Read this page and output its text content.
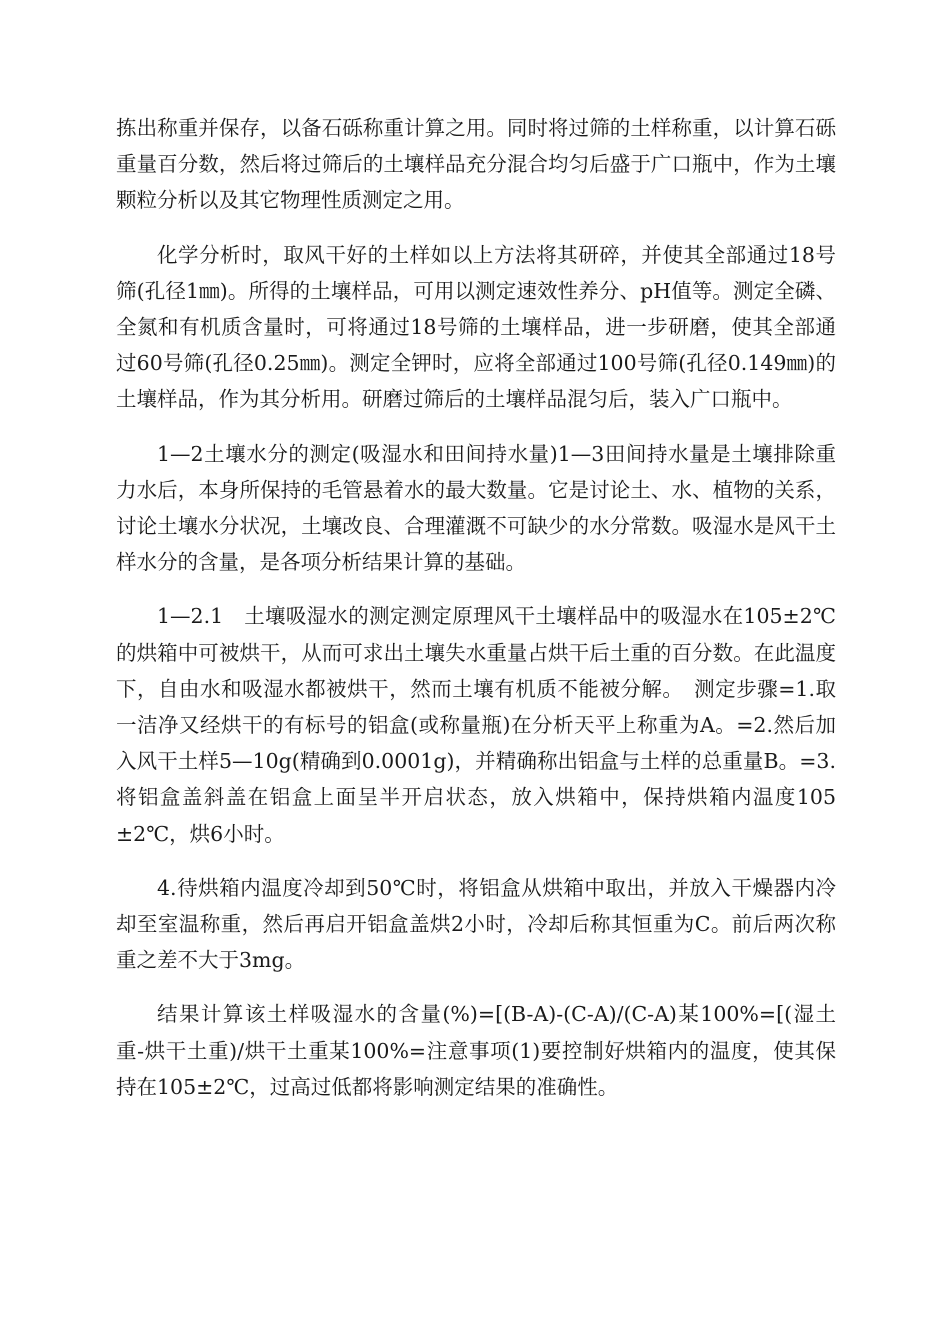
拣出称重并保存，以备石砾称重计算之用。同时将过筛的土样称重，以计算石砾重量百分数，然后将过筛后的土壤样品充分混合均匀后盛于广口瓶中，作为土壤颗粒分析以及其它物理性质测定之用。

化学分析时，取风干好的土样如以上方法将其研碎，并使其全部通过18号筛(孔径1㎜)。所得的土壤样品，可用以测定速效性养分、pH值等。测定全磷、全氮和有机质含量时，可将通过18号筛的土壤样品，进一步研磨，使其全部通过60号筛(孔径0.25㎜)。测定全钾时，应将全部通过100号筛(孔径0.149㎜)的土壤样品，作为其分析用。研磨过筛后的土壤样品混匀后，装入广口瓶中。

1—2土壤水分的测定(吸湿水和田间持水量)1—3田间持水量是土壤排除重力水后，本身所保持的毛管悬着水的最大数量。它是讨论土、水、植物的关系，讨论土壤水分状况，土壤改良、合理灌溉不可缺少的水分常数。吸湿水是风干土样水分的含量，是各项分析结果计算的基础。

1—2.1　土壤吸湿水的测定测定原理风干土壤样品中的吸湿水在105±2℃的烘箱中可被烘干，从而可求出土壤失水重量占烘干后土重的百分数。在此温度下，自由水和吸湿水都被烘干，然而土壤有机质不能被分解。　测定步骤=1.取一洁净又经烘干的有标号的铝盒(或称量瓶)在分析天平上称重为A。=2.然后加入风干土样5—10g(精确到0.0001g)，并精确称出铝盒与土样的总重量B。=3.将铝盒盖斜盖在铝盒上面呈半开启状态，放入烘箱中，保持烘箱内温度105±2℃，烘6小时。

4.待烘箱内温度冷却到50℃时，将铝盒从烘箱中取出，并放入干燥器内冷却至室温称重，然后再启开铝盒盖烘2小时，冷却后称其恒重为C。前后两次称重之差不大于3mg。

结果计算该土样吸湿水的含量(%)=[(B-A)-(C-A)/(C-A)某100%=[(湿土重-烘干土重)/烘干土重某100%=注意事项(1)要控制好烘箱内的温度，使其保持在105±2℃，过高过低都将影响测定结果的准确性。
